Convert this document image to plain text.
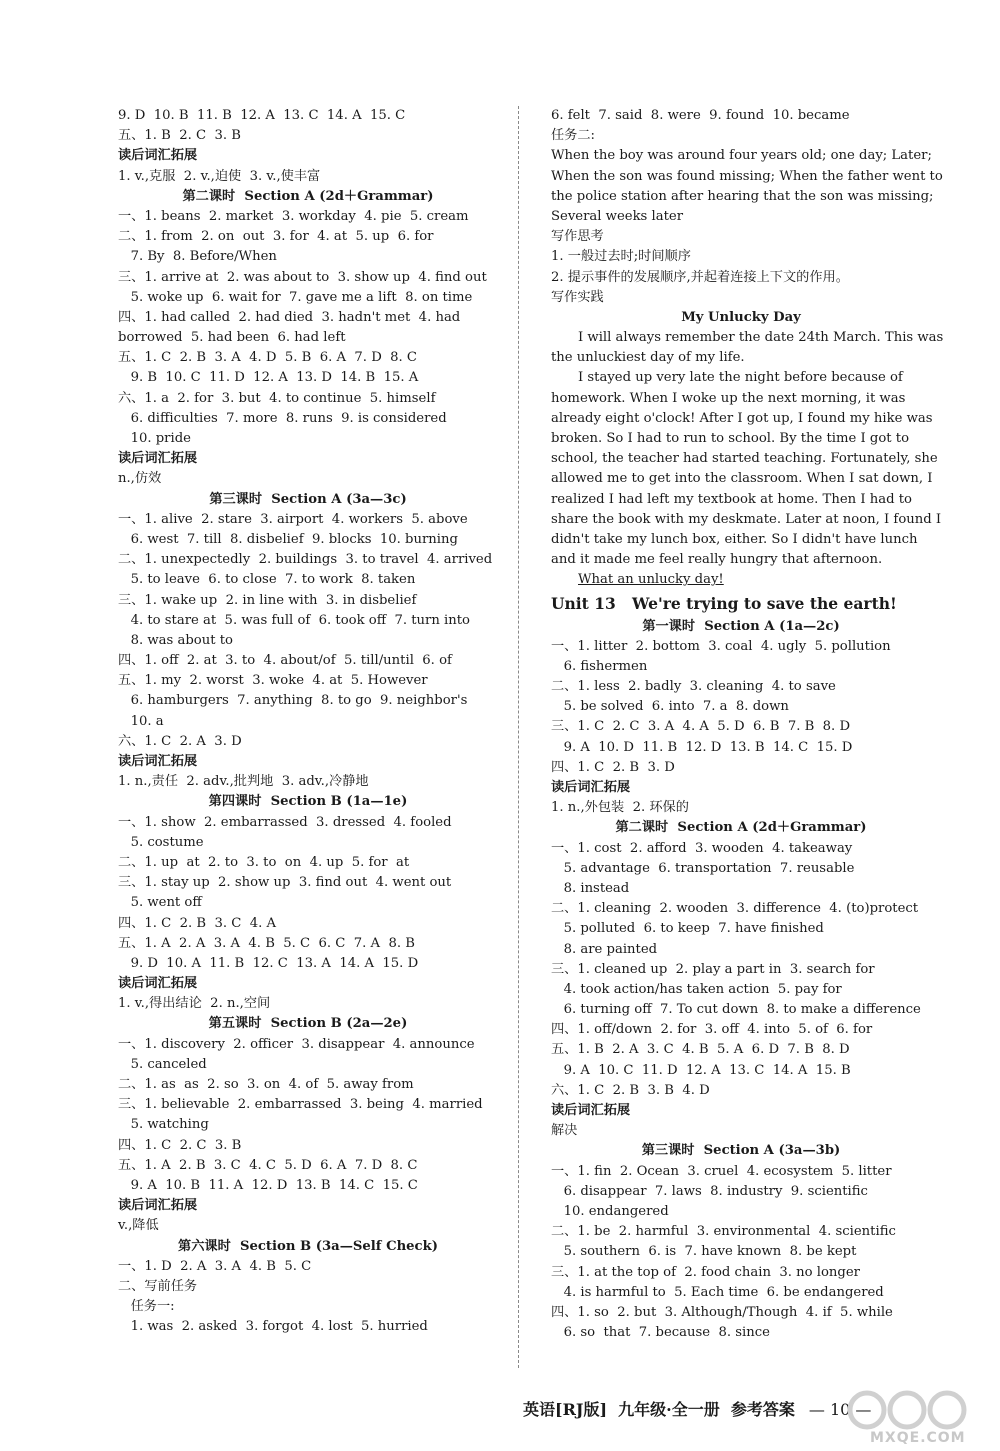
9. D  10. B  11. B  12. A  13. C  14. A  15. C
五、1. B  2. C  3. B
读后词汇拓展
1. v.,克服  2. v.,迫使  3. v.,使丰富
第二课时  Section A (2d＋Grammar)
一、1. beans  2. market  3. workday  4. pie  5. cream
二、1. from  2. on  out  3. for  4. at  5. up  6. for
7. By  8. Before/When
三、1. arrive at  2. was about to  3. show up  4. find out
5. woke up  6. wait for  7. gave me a lift  8. on time
四、1. had called  2. had died  3. hadn't met  4. had
borrowed  5. had been  6. had left
五、1. C  2. B  3. A  4. D  5. B  6. A  7. D  8. C
9. B  10. C  11. D  12. A  13. D  14. B  15. A
六、1. a  2. for  3. but  4. to continue  5. himself
6. difficulties  7. more  8. runs  9. is considered
10. pride
读后词汇拓展
n.,仿效
第三课时  Section A (3a—3c)
一、1. alive  2. stare  3. airport  4. workers  5. above
6. west  7. till  8. disbelief  9. blocks  10. burning
二、1. unexpectedly  2. buildings  3. to travel  4. arrived
5. to leave  6. to close  7. to work  8. taken
三、1. wake up  2. in line with  3. in disbelief
4. to stare at  5. was full of  6. took off  7. turn into
8. was about to
四、1. off  2. at  3. to  4. about/of  5. till/until  6. of
五、1. my  2. worst  3. woke  4. at  5. However
6. hamburgers  7. anything  8. to go  9. neighbor's
10. a
六、1. C  2. A  3. D
读后词汇拓展
1. n.,责任  2. adv.,批判地  3. adv.,冷静地
第四课时  Section B (1a—1e)
一、1. show  2. embarrassed  3. dressed  4. fooled
5. costume
二、1. up  at  2. to  3. to  on  4. up  5. for  at
三、1. stay up  2. show up  3. find out  4. went out
5. went off
四、1. C  2. B  3. C  4. A
五、1. A  2. A  3. A  4. B  5. C  6. C  7. A  8. B
9. D  10. A  11. B  12. C  13. A  14. A  15. D
读后词汇拓展
1. v.,得出结论  2. n.,空间
第五课时  Section B (2a—2e)
一、1. discovery  2. officer  3. disappear  4. announce
5. canceled
二、1. as  as  2. so  3. on  4. of  5. away from
三、1. believable  2. embarrassed  3. being  4. married
5. watching
四、1. C  2. C  3. B
五、1. A  2. B  3. C  4. C  5. D  6. A  7. D  8. C
9. A  10. B  11. A  12. D  13. B  14. C  15. C
读后词汇拓展
v.,降低
第六课时  Section B (3a—Self Check)
一、1. D  2. A  3. A  4. B  5. C
二、写前任务
任务一:
1. was  2. asked  3. forgot  4. lost  5. hurried
6. felt  7. said  8. were  9. found  10. became
任务二:
When the boy was around four years old; one day; Later;
When the son was found missing; When the father went to
the police station after hearing that the son was missing;
Several weeks later
写作思考
1. 一般过去时;时间顺序
2. 提示事件的发展顺序,并起着连接上下文的作用。
写作实践
My Unlucky Day
I will always remember the date 24th March. This was
the unluckiest day of my life.
I stayed up very late the night before because of
homework. When I woke up the next morning, it was
already eight o'clock! After I got up, I found my hike was
broken. So I had to run to school. By the time I got to
school, the teacher had started teaching. Fortunately, she
allowed me to get into the classroom. When I sat down, I
realized I had left my textbook at home. Then I had to
share the book with my deskmate. Later at noon, I found I
didn't take my lunch box, either. So I didn't have lunch
and it made me feel really hungry that afternoon.
What an unlucky day!
Unit 13   We're trying to save the earth!
第一课时  Section A (1a—2c)
一、1. litter  2. bottom  3. coal  4. ugly  5. pollution
6. fishermen
二、1. less  2. badly  3. cleaning  4. to save
5. be solved  6. into  7. a  8. down
三、1. C  2. C  3. A  4. A  5. D  6. B  7. B  8. D
9. A  10. D  11. B  12. D  13. B  14. C  15. D
四、1. C  2. B  3. D
读后词汇拓展
1. n.,外包装  2. 环保的
第二课时  Section A (2d＋Grammar)
一、1. cost  2. afford  3. wooden  4. takeaway
5. advantage  6. transportation  7. reusable
8. instead
二、1. cleaning  2. wooden  3. difference  4. (to)protect
5. polluted  6. to keep  7. have finished
8. are painted
三、1. cleaned up  2. play a part in  3. search for
4. took action/has taken action  5. pay for
6. turning off  7. To cut down  8. to make a difference
四、1. off/down  2. for  3. off  4. into  5. of  6. for
五、1. B  2. A  3. C  4. B  5. A  6. D  7. B  8. D
9. A  10. C  11. D  12. A  13. C  14. A  15. B
六、1. C  2. B  3. B  4. D
读后词汇拓展
解决
第三课时  Section A (3a—3b)
一、1. fin  2. Ocean  3. cruel  4. ecosystem  5. litter
6. disappear  7. laws  8. industry  9. scientific
10. endangered
二、1. be  2. harmful  3. environmental  4. scientific
5. southern  6. is  7. have known  8. be kept
三、1. at the top of  2. food chain  3. no longer
4. is harmful to  5. Each time  6. be endangered
四、1. so  2. but  3. Although/Though  4. if  5. while
6. so  that  7. because  8. since
英语[RJ版]  九年级·全一册  参考答案 — 10 —
MXQE.COM
